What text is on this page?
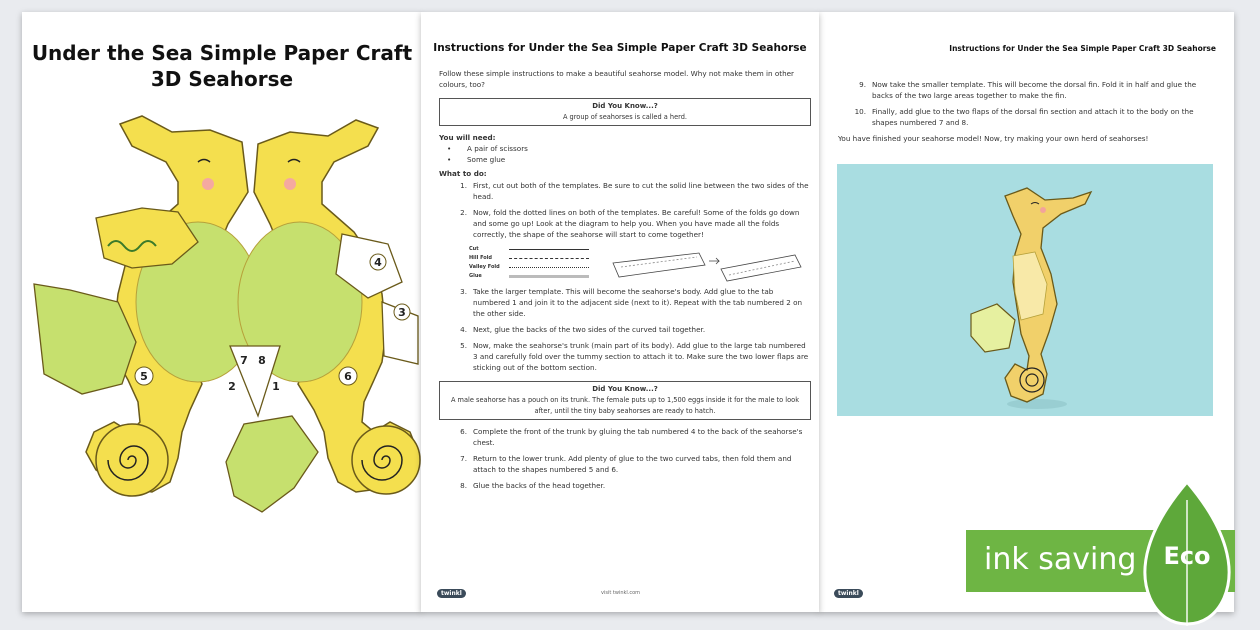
Under the Sea Simple Paper Craft
3D Seahorse
4
3
7 8
2	1
5	6
Instructions for Under the Sea Simple Paper Craft 3D Seahorse
Follow these simple instructions to make a beautiful seahorse model. Why not make them in other colours, too?
Did You Know...?
A group of seahorses is called a herd.
You will need:
• A pair of scissors
• Some glue
What to do:
1. First, cut out both of the templates. Be sure to cut the solid line between the two sides of the head.
2. Now, fold the dotted lines on both of the templates. Be careful! Some of the folds go down and some go up! Look at the diagram to help you. When you have made all the folds correctly, the shape of the seahorse will start to come together!
Cut
Hill Fold
Valley Fold
Glue
3. Take the larger template. This will become the seahorse's body. Add glue to the tab numbered 1 and join it to the adjacent side (next to it). Repeat with the tab numbered 2 on the other side.
4. Next, glue the backs of the two sides of the curved tail together.
5. Now, make the seahorse's trunk (main part of its body). Add glue to the large tab numbered 3 and carefully fold over the tummy section to attach it to. Make sure the two lower flaps are sticking out of the bottom section.
Did You Know...?
A male seahorse has a pouch on its trunk. The female puts up to 1,500 eggs inside it for the male to look after, until the tiny baby seahorses are ready to hatch.
6. Complete the front of the trunk by gluing the tab numbered 4 to the back of the seahorse's chest.
7. Return to the lower trunk. Add plenty of glue to the two curved tabs, then fold them and attach to the shapes numbered 5 and 6.
8. Glue the backs of the head together.
twinkl	visit twinkl.com
Instructions for Under the Sea Simple Paper Craft 3D Seahorse
9. Now take the smaller template. This will become the dorsal fin. Fold it in half and glue the backs of the two large areas together to make the fin.
10. Finally, add glue to the two flaps of the dorsal fin section and attach it to the body on the shapes numbered 7 and 8.
You have finished your seahorse model! Now, try making your own herd of seahorses!
twinkl
ink saving	Eco
